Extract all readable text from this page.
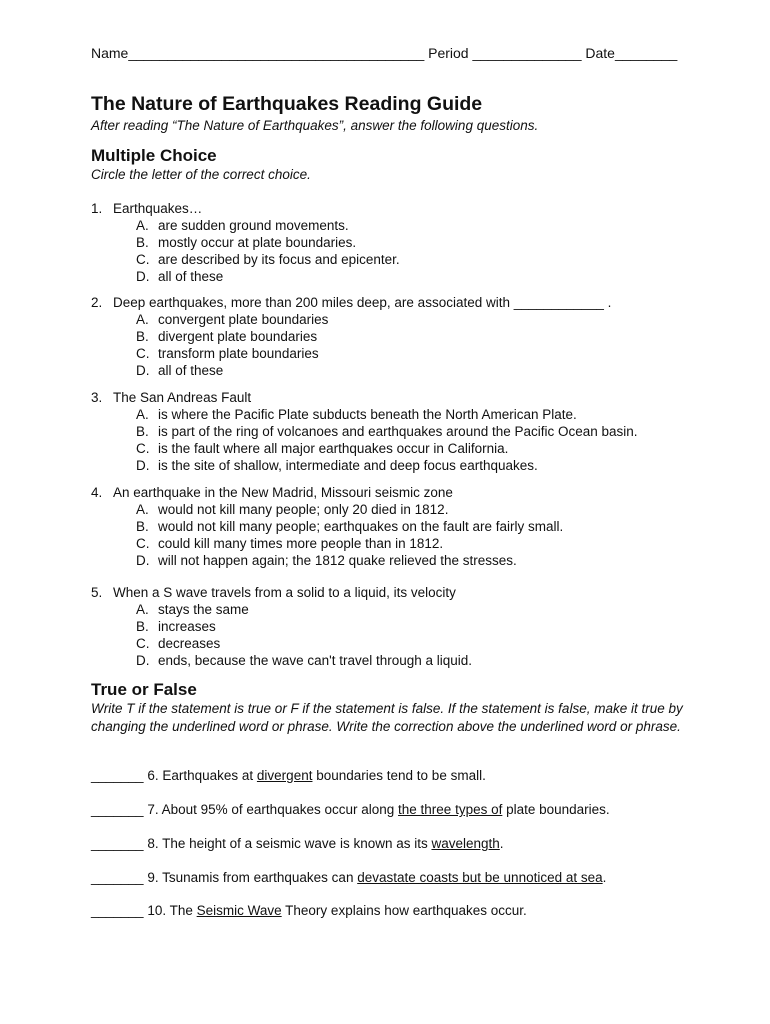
Name______________________________________ Period ______________ Date________
The Nature of Earthquakes Reading Guide
After reading “The Nature of Earthquakes”, answer the following questions.
Multiple Choice
Circle the letter of the correct choice.
1. Earthquakes…
A. are sudden ground movements.
B. mostly occur at plate boundaries.
C. are described by its focus and epicenter.
D. all of these
2. Deep earthquakes, more than 200 miles deep, are associated with ____________ .
A. convergent plate boundaries
B. divergent plate boundaries
C. transform plate boundaries
D. all of these
3. The San Andreas Fault
A. is where the Pacific Plate subducts beneath the North American Plate.
B. is part of the ring of volcanoes and earthquakes around the Pacific Ocean basin.
C. is the fault where all major earthquakes occur in California.
D. is the site of shallow, intermediate and deep focus earthquakes.
4. An earthquake in the New Madrid, Missouri seismic zone
A. would not kill many people; only 20 died in 1812.
B. would not kill many people; earthquakes on the fault are fairly small.
C. could kill many times more people than in 1812.
D. will not happen again; the 1812 quake relieved the stresses.
5. When a S wave travels from a solid to a liquid, its velocity
A. stays the same
B. increases
C. decreases
D. ends, because the wave can't travel through a liquid.
True or False
Write T if the statement is true or F if the statement is false. If the statement is false, make it true by changing the underlined word or phrase. Write the correction above the underlined word or phrase.
_______ 6. Earthquakes at divergent boundaries tend to be small.
_______ 7. About 95% of earthquakes occur along the three types of plate boundaries.
_______ 8. The height of a seismic wave is known as its wavelength.
_______ 9. Tsunamis from earthquakes can devastate coasts but be unnoticed at sea.
_______ 10. The Seismic Wave Theory explains how earthquakes occur.
